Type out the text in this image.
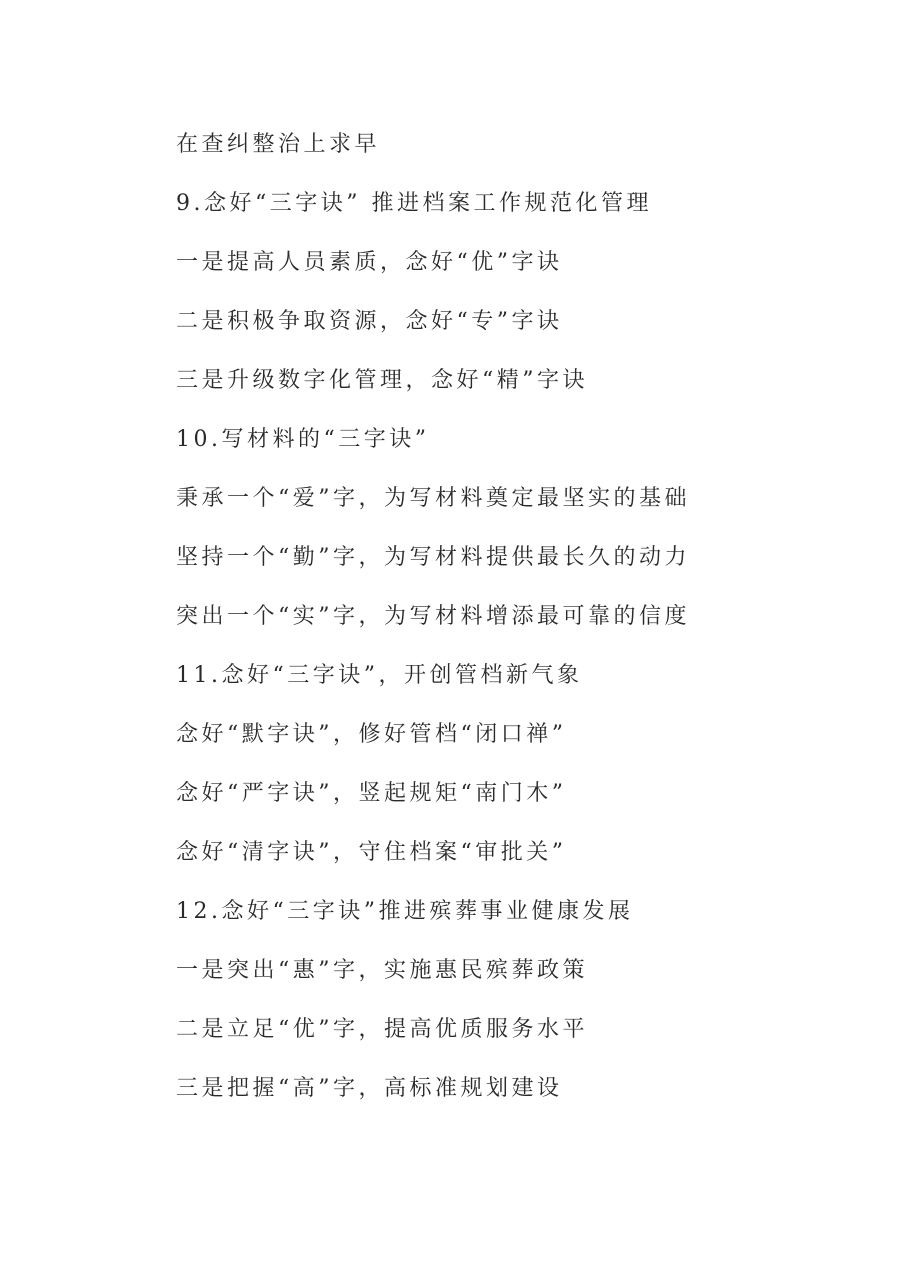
在查纠整治上求早
9.念好“三字诀” 推进档案工作规范化管理
一是提高人员素质，念好“优”字诀
二是积极争取资源，念好“专”字诀
三是升级数字化管理，念好“精”字诀
10.写材料的“三字诀”
秉承一个“爱”字，为写材料奠定最坚实的基础
坚持一个“勤”字，为写材料提供最长久的动力
突出一个“实”字，为写材料增添最可靠的信度
11.念好“三字诀”，开创管档新气象
念好“默字诀”，修好管档“闭口禅”
念好“严字诀”，竖起规矩“南门木”
念好“清字诀”，守住档案“审批关”
12.念好“三字诀”推进殡葬事业健康发展
一是突出“惠”字，实施惠民殡葬政策
二是立足“优”字，提高优质服务水平
三是把握“高”字，高标准规划建设
